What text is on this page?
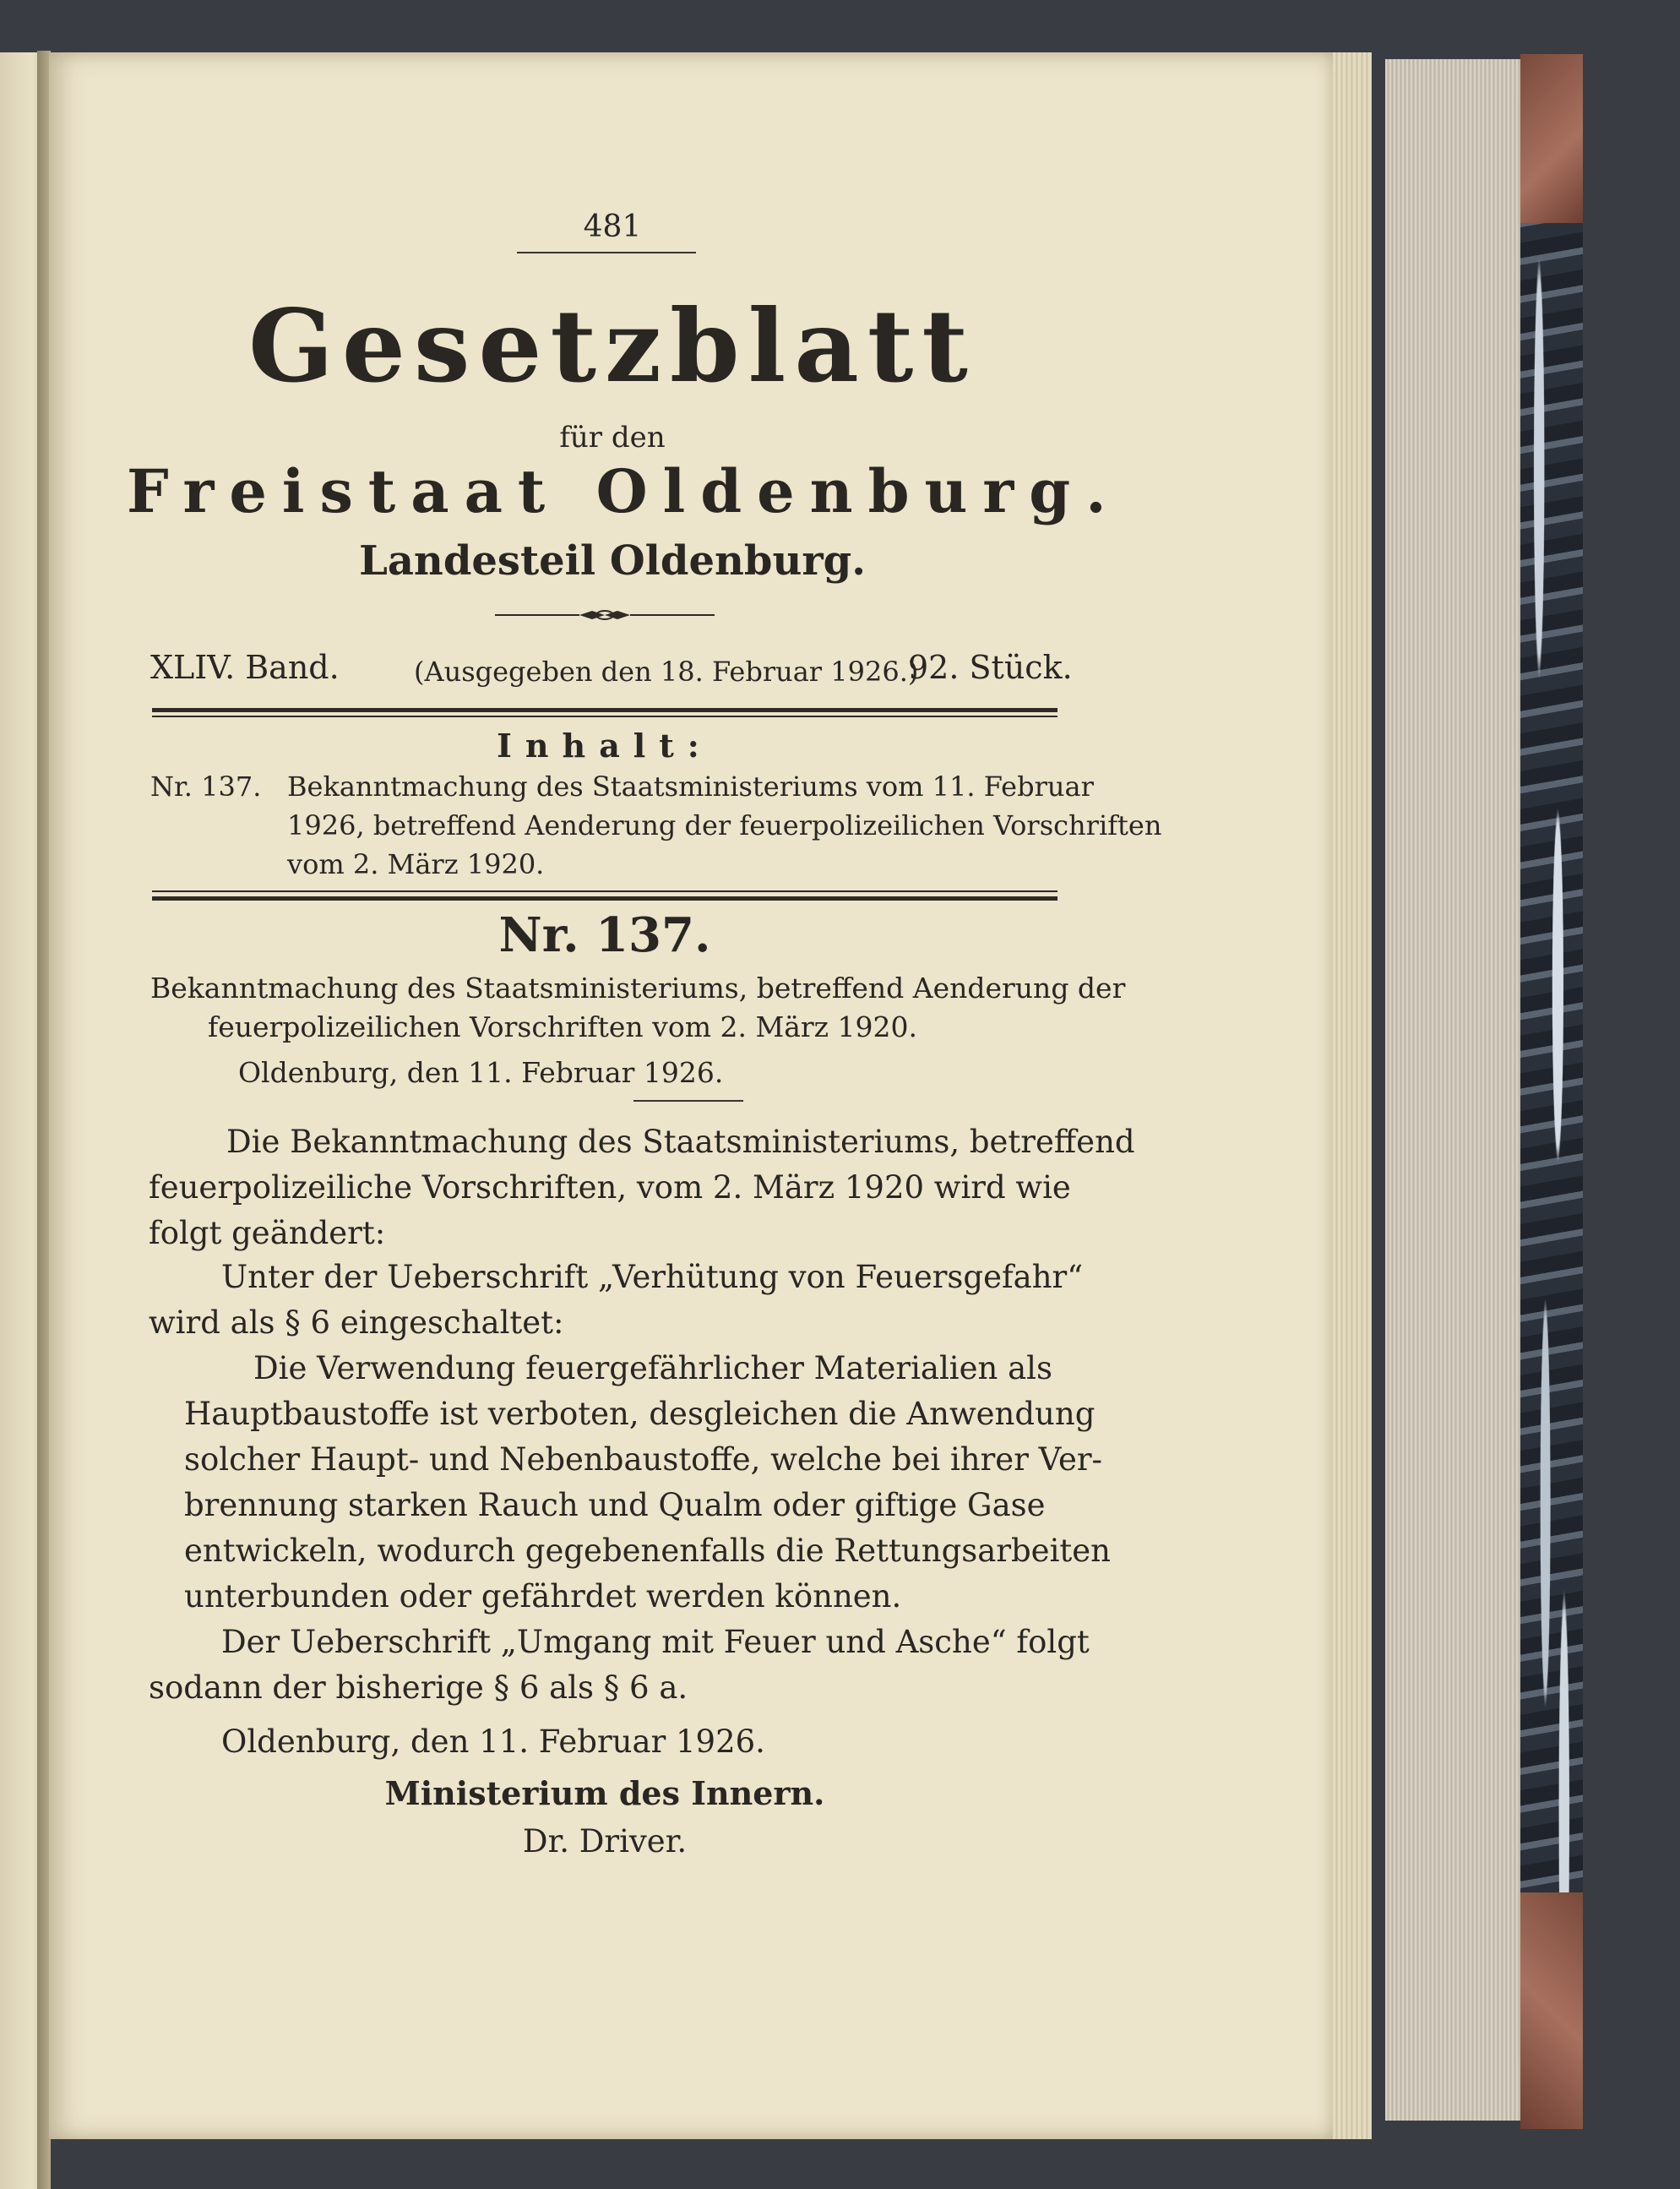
481
Gesetzblatt
für den
Freistaat Oldenburg.
Landesteil Oldenburg.
XLIV. Band.	(Ausgegeben den 18. Februar 1926.)
92. Stück.
Inhalt:
Nr. 137. Bekanntmachung des Staatsministeriums vom 11. Februar
1926, betreffend Aenderung der feuerpolizeilichen Vorschriften
vom 2. März 1920.
Nr. 137.
Bekanntmachung des Staatsministeriums, betreffend Aenderung der
feuerpolizeilichen Vorschriften vom 2. März 1920.
Oldenburg, den 11. Februar 1926.
Die Bekanntmachung des Staatsministeriums, betreffend
feuerpolizeiliche Vorschriften, vom 2. März 1920 wird wie
folgt geändert:
Unter der Ueberschrift „Verhütung von Feuersgefahr“
wird als § 6 eingeschaltet:
Die Verwendung feuergefährlicher Materialien als
Hauptbaustoffe ist verboten, desgleichen die Anwendung
solcher Haupt- und Nebenbaustoffe, welche bei ihrer Ver-
brennung starken Rauch und Qualm oder giftige Gase
entwickeln, wodurch gegebenenfalls die Rettungsarbeiten
unterbunden oder gefährdet werden können.
Der Ueberschrift „Umgang mit Feuer und Asche“ folgt
sodann der bisherige § 6 als § 6 a.
Oldenburg, den 11. Februar 1926.
Ministerium des Innern.
Dr. Driver.
